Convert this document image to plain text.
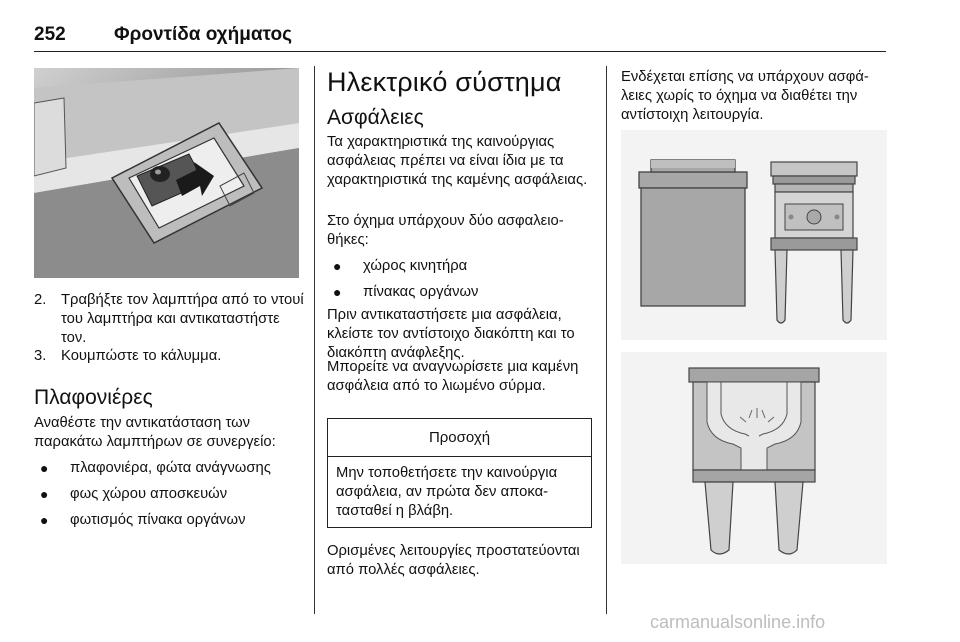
252	Φροντίδα οχήματος
2. Τραβήξτε τον λαμπτήρα από το ντουί του λαμπτήρα και αντικαταστήστε τον.
3. Κουμπώστε το κάλυμμα.
Πλαφονιέρες
Αναθέστε την αντικατάσταση των παρακάτω λαμπτήρων σε συνεργείο:
● πλαφονιέρα, φώτα ανάγνωσης
● φως χώρου αποσκευών
● φωτισμός πίνακα οργάνων
Ηλεκτρικό σύστημα
Ασφάλειες
Τα χαρακτηριστικά της καινούργιας ασφάλειας πρέπει να είναι ίδια με τα χαρακτηριστικά της καμένης ασφάλειας.
Στο όχημα υπάρχουν δύο ασφαλειοθήκες:
● χώρος κινητήρα
● πίνακας οργάνων
Πριν αντικαταστήσετε μια ασφάλεια, κλείστε τον αντίστοιχο διακόπτη και το διακόπτη ανάφλεξης.
Μπορείτε να αναγνωρίσετε μια καμένη ασφάλεια από το λιωμένο σύρμα.
Προσοχή
Μην τοποθετήσετε την καινούργια ασφάλεια, αν πρώτα δεν αποκατασταθεί η βλάβη.
Ορισμένες λειτουργίες προστατεύονται από πολλές ασφάλειες.
Ενδέχεται επίσης να υπάρχουν ασφάλειες χωρίς το όχημα να διαθέτει την αντίστοιχη λειτουργία.
carmanualsonline.info
